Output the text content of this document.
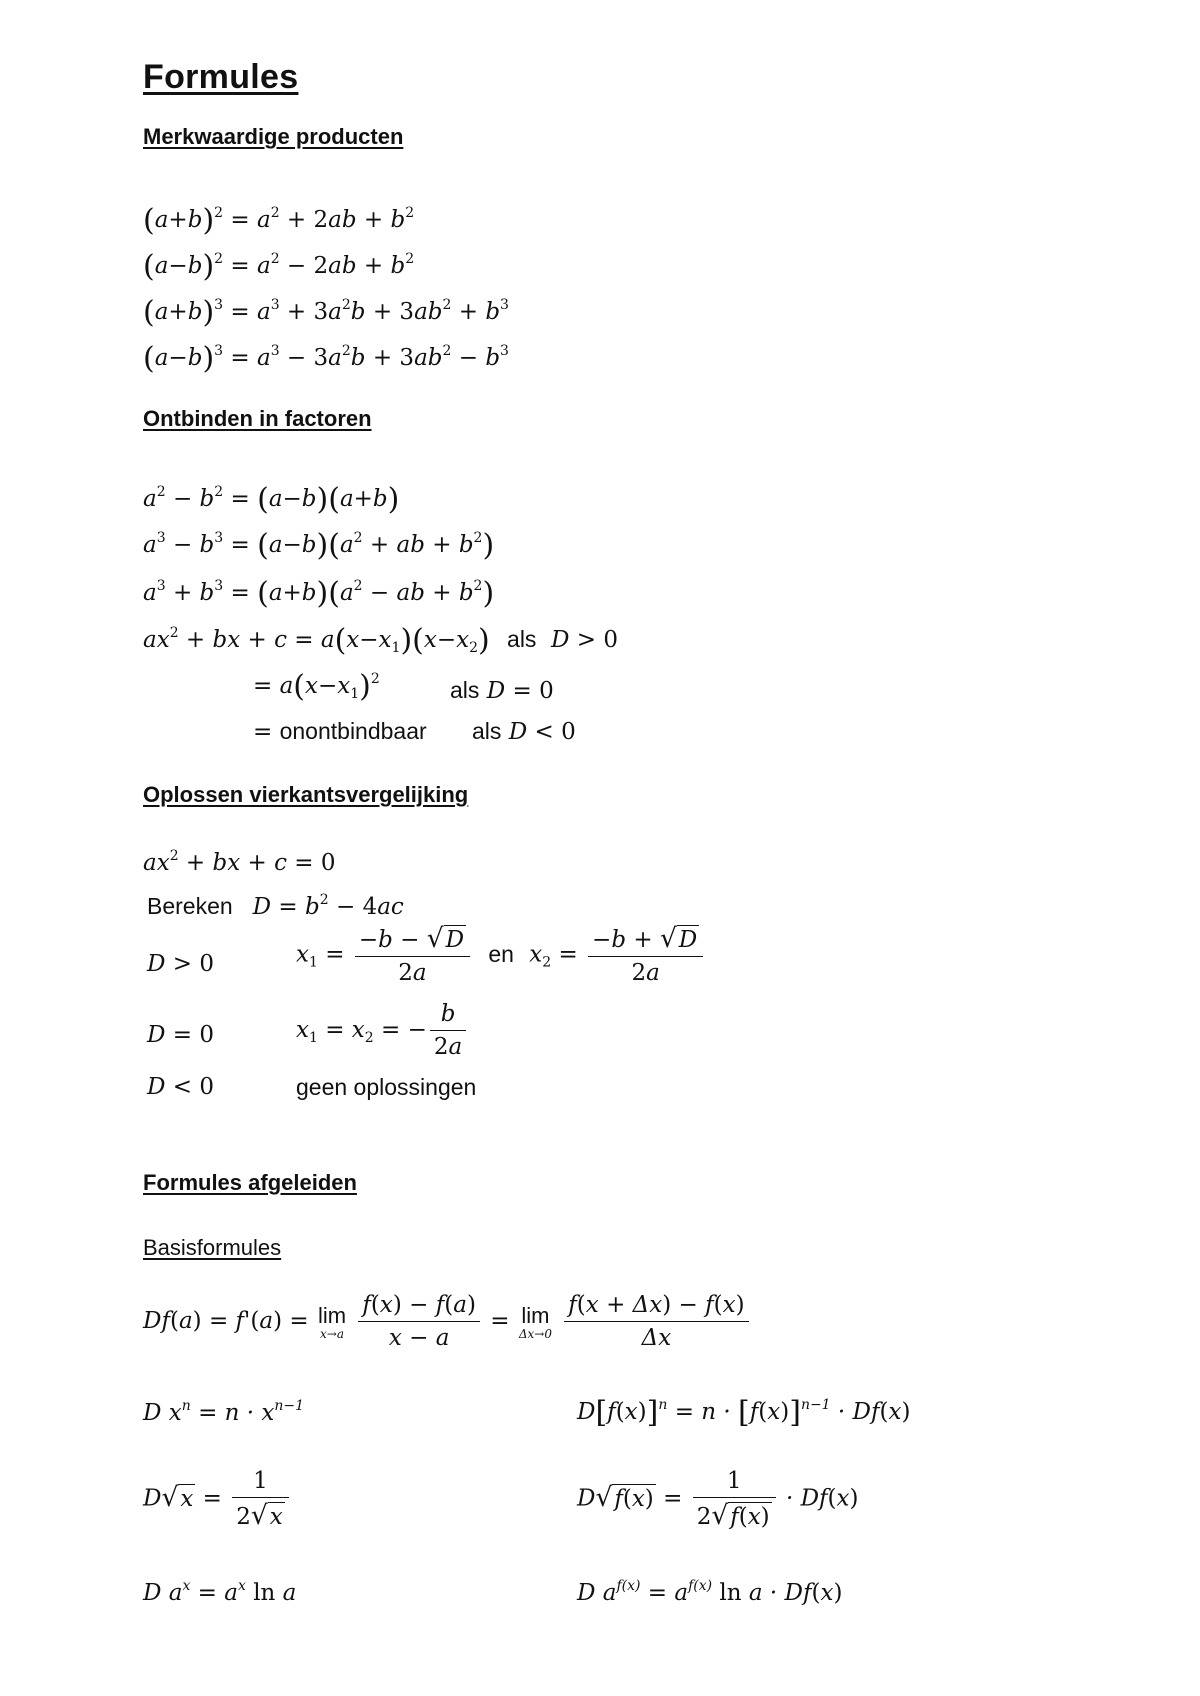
Formules
Merkwaardige producten
$(a+b)^2 = a^2 + 2ab + b^2$
$(a-b)^2 = a^2 - 2ab + b^2$
$(a+b)^3 = a^3 + 3a^2b + 3ab^2 + b^3$
$(a-b)^3 = a^3 - 3a^2b + 3ab^2 - b^3$
Ontbinden in factoren
$a^2 - b^2 = (a-b)(a+b)$
$a^3 - b^3 = (a-b)(a^2$ + ab + $b^2$)
$a^3 + b^3 = (a+b)(a^2$ − ab + $b^2$)
$ax^2$ + bx + $c = a(x-x_1)(x-x_2)$ als  D > 0
= $a(x-x_1)^2$	als D = 0
= onontbindbaar als D < 0
Oplossen vierkantsvergelijking
$ax^2$ + bx + c = 0
Bereken $D = b^2 - 4ac$
D > 0	$x_1 = \frac{-b - √D}{2a}$ en $x_2 = \frac{-b + √D}{2a}$
D = 0	$x_1 = x_2$ = − $\frac{b}{2a}$
D < 0	geen oplossingen
Formules afgeleiden
Basisformules
Df(a) = f'(a) = lim
x→a
$\frac{f(x) - f(a)}{x - a} = \lim$
Δx→0
$\frac{f(x + \Delta x) - f(x)}{\Delta x}$
D $x^n = n \cdot x^{n-1}$	$D[f(x)]^n = n \cdot [f(x)]^{n-1} \cdot Df(x)$
$D√x = \frac{1}{2√x}$	$D√f(x) = \frac{1}{2√f(x)} \cdot Df(x)$
D $a^x = a^x$ ln a	D $a^{f(x)} = a^{f(x)}$ ln a · Df(x)
